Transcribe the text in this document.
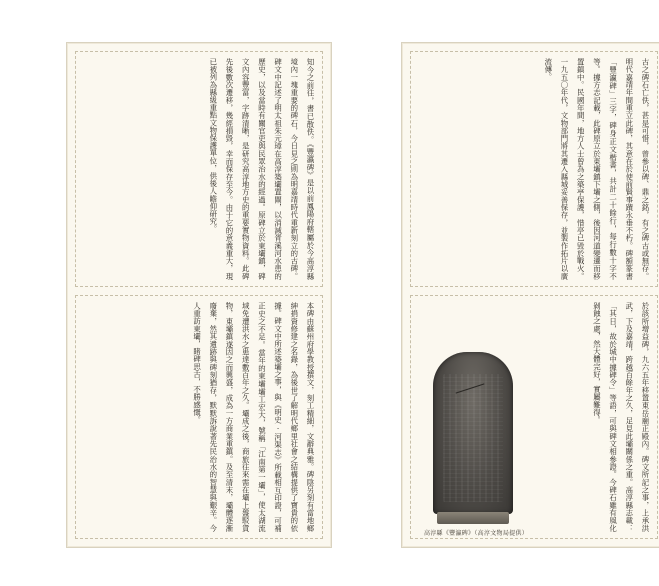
知今之前往，書已散佚。《豐瀛碑》是以前鳳陽府轄屬於今高淳縣境內一塊重要的碑石，今日見之則為明嘉靖時代重新刻立的古碑。碑文中記述了明太祖朱元璋在高淳築壩置閘，以消減胥溪河水患的歷史，以及當時有關官吏與民眾治水的經過。原碑立於東壩鎮，碑文內容豐富，字跡清晰，是研究高淳地方史的重要實物資料。此碑先後數次遷移，幾經損毀，幸而保存至今。由于它的意義重大，現已被列為縣級重點文物保護單位，供後人瞻仰研究。
本碑由蘇州府學教授撰文，刻工精細，文辭典雅。碑陰另刻有當地鄉紳捐資修建之名錄，為後世了解明代鄉里社會之結構提供了寶貴的依據。碑文中所述築壩之事，與《明史·河渠志》所載相互印證，可補正史之不足。當年的東壩壩工宏大，號稱「江南第一壩」，使太湖流域免遭洪水之患達數百年之久。壩成之後，商旅往來需在壩上盤駁貨物，東壩鎮遂因之而興盛，成為一方商業重鎮。及至清末，壩體逐漸廢棄，然其遺跡與碑刻猶存，默默訴說著先民治水的智慧與艱辛。今人重訪東壩，睹碑思古，不勝感慨。
古之碑石亡佚，甚是可惜，曾參以碑、鼎之銘，有之碑古或無存。明代嘉靖年間重立此碑，其意在於使前賢事蹟永垂不朽。碑額篆書「豐瀛碑」三字，碑身正文楷書，共計二十餘行，每行數十字不等。據方志記載，此碑原立於東壩鎮下壩之側，後因河道變遷而移置鎮中。民國年間，地方人士曾為之築亭保護，惜亭已毀於戰火。一九五〇年代，文物部門將其遷入縣城妥善保存，並製作拓片以廣流傳。
高淳縣《豐瀛碑》（高淳文物局提供）
於該所增益碑，九六五年移置東岳廟正殿內。碑文所記之事，上承洪武，下及嘉靖，跨越百餘年之久，足見此壩關係之重。高淳縣志載：「其日，故於城中據碑令」等語，可與碑文相參證。今碑石雖有風化剝蝕之處，然大體完好，實屬難得。
